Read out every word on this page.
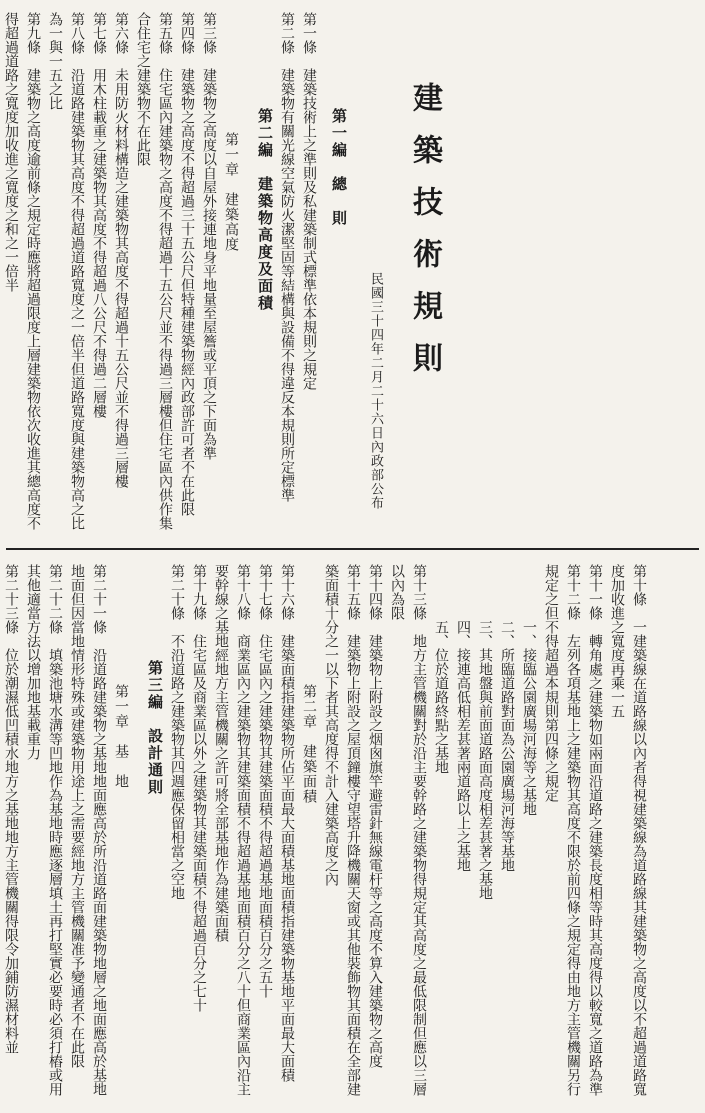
建築技術規則
民國三十四年二月二十六日內政部公布
第一編　總　則
第一條　建築技術上之準則及私建築制式標準依本規則之規定
第二條　建築物有關光線空氣防火潔堅固等結構與設備不得違反本規則所定標準
第二編　建築物高度及面積
第一章　建築高度
第三條　建築物之高度以自屋外接連地身平地量至屋簷或平頂之下面為準
第四條　建築物之高度不得超過三十五公尺但特種建築物經內政部許可者不在此限
第五條　住宅區內建築物之高度不得超過十五公尺並不得過三層樓但住宅區內供作集合住宅之建築物不在此限
第六條　未用防火材料構造之建築物其高度不得超過十五公尺並不得過三層樓
第七條　用木柱載重之建築物其高度不得超過八公尺不得過二層樓
第八條　沿道路建築物其高度不得超過道路寬度之一倍半但道路寬度與建築物高之比為一與一五之比
第九條　建築物之高度逾前條之規定時應將超過限度上層建築物依次收進其總高度不得超過道路之寬度加收進之寬度之和之一倍半
第十條　一建築線在道路線以內者得視建築線為道路線其建築物之高度以不超過道路寬度加收進之寬度再乘一五
第十一條　轉角處之建築物如兩面沿道路之建築長度相等時其高度得以較寬之道路為準
第十二條　左列各項基地上之建築物其高度不限於前四條之規定得由地方主管機關另行規定之但不得超過本規則第四條之規定
一、接臨公園廣場河海等之基地
二、所臨道路對面為公園廣場河海等基地
三、其地盤與前面道路面高度相差甚著之基地
四、接連高低相差甚著兩道路以上之基地
五、位於道路終點之基地
第十三條　地方主管機關對於沿主要幹路之建築物得規定其高度之最低限制但應以三層以內為限
第十四條　建築物上附設之烟囪旗竿避雷針無線電杆等之高度不算入建築物之高度
第十五條　建築物上附設之屋頂鐘樓守望塔升降機關天窗或其他裝飾物其面積在全部建築面積十分之一以下者其高度得不計入建築高度之內
第二章　建築面積
第十六條　建築面積指建築物所佔平面最大面積基地面積指建築物基地平面最大面積
第十七條　住宅區內之建築物其建築面積不得超過基地面積百分之五十
第十八條　商業區內之建築物其建築面積不得超過基地面積百分之八十但商業區內沿主要幹線之基地經地方主管機關之許可將全部基地作為建築面積
第十九條　住宅區及商業區以外之建築物其建築面積不得超過百分之七十
第二十條　不沿道路之建築物其四週應保留相當之空地
第三編　設計通則
第一章　基　地
第二十一條　沿道路建築物之基地地面應高於所沿道路面建築物地層之地面應高於基地地面但因當地情形特殊或建築物用途上之需要經地方主管機關准予變通者不在此限
第二十二條　填築池塘水溝等凹地作為基地時應逐層填土再打堅實必要時必須打樁或用其他適當方法以增加地基載重力
第二十三條　位於潮濕低凹積水地方之基地地方主管機關得限令加鋪防濕材料並
